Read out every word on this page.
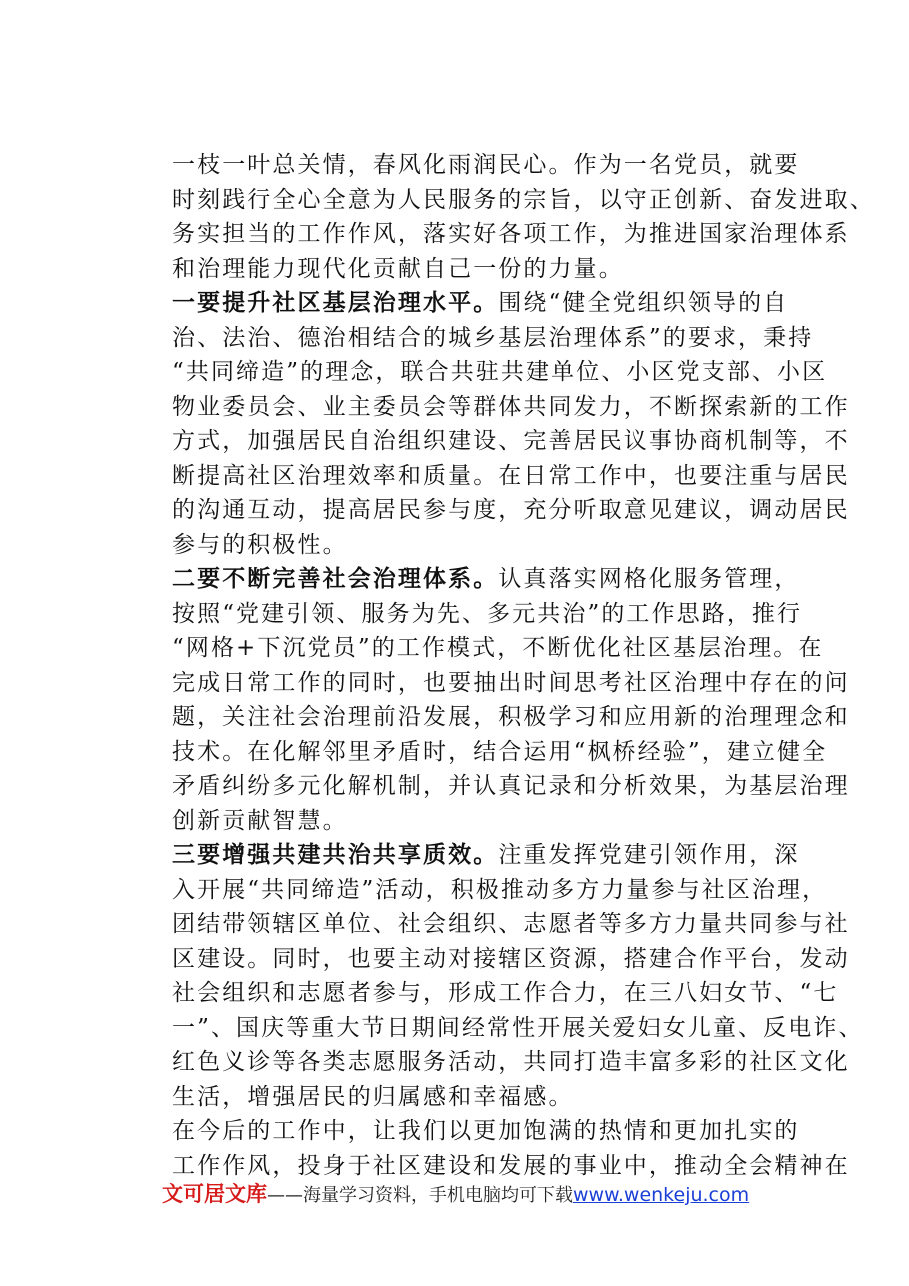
一枝一叶总关情，春风化雨润民心。作为一名党员，就要
时刻践行全心全意为人民服务的宗旨，以守正创新、奋发进取、
务实担当的工作作风，落实好各项工作，为推进国家治理体系
和治理能力现代化贡献自己一份的力量。

一要提升社区基层治理水平。围绕“健全党组织领导的自
治、法治、德治相结合的城乡基层治理体系”的要求，秉持
“共同缔造”的理念，联合共驻共建单位、小区党支部、小区
物业委员会、业主委员会等群体共同发力，不断探索新的工作
方式，加强居民自治组织建设、完善居民议事协商机制等，不
断提高社区治理效率和质量。在日常工作中，也要注重与居民
的沟通互动，提高居民参与度，充分听取意见建议，调动居民
参与的积极性。

二要不断完善社会治理体系。认真落实网格化服务管理，
按照“党建引领、服务为先、多元共治”的工作思路，推行
“网格+下沉党员”的工作模式，不断优化社区基层治理。在
完成日常工作的同时，也要抽出时间思考社区治理中存在的问
题，关注社会治理前沿发展，积极学习和应用新的治理理念和
技术。在化解邻里矛盾时，结合运用“枫桥经验”，建立健全
矛盾纠纷多元化解机制，并认真记录和分析效果，为基层治理
创新贡献智慧。

三要增强共建共治共享质效。注重发挥党建引领作用，深
入开展“共同缔造”活动，积极推动多方力量参与社区治理，
团结带领辖区单位、社会组织、志愿者等多方力量共同参与社
区建设。同时，也要主动对接辖区资源，搭建合作平台，发动
社会组织和志愿者参与，形成工作合力，在三八妇女节、“七
一”、国庆等重大节日期间经常性开展关爱妇女儿童、反电诈、
红色义诊等各类志愿服务活动，共同打造丰富多彩的社区文化
生活，增强居民的归属感和幸福感。

在今后的工作中，让我们以更加饱满的热情和更加扎实的
工作作风，投身于社区建设和发展的事业中，推动全会精神在

文可居文库——海量学习资料，手机电脑均可下载www.wenkeju.com
